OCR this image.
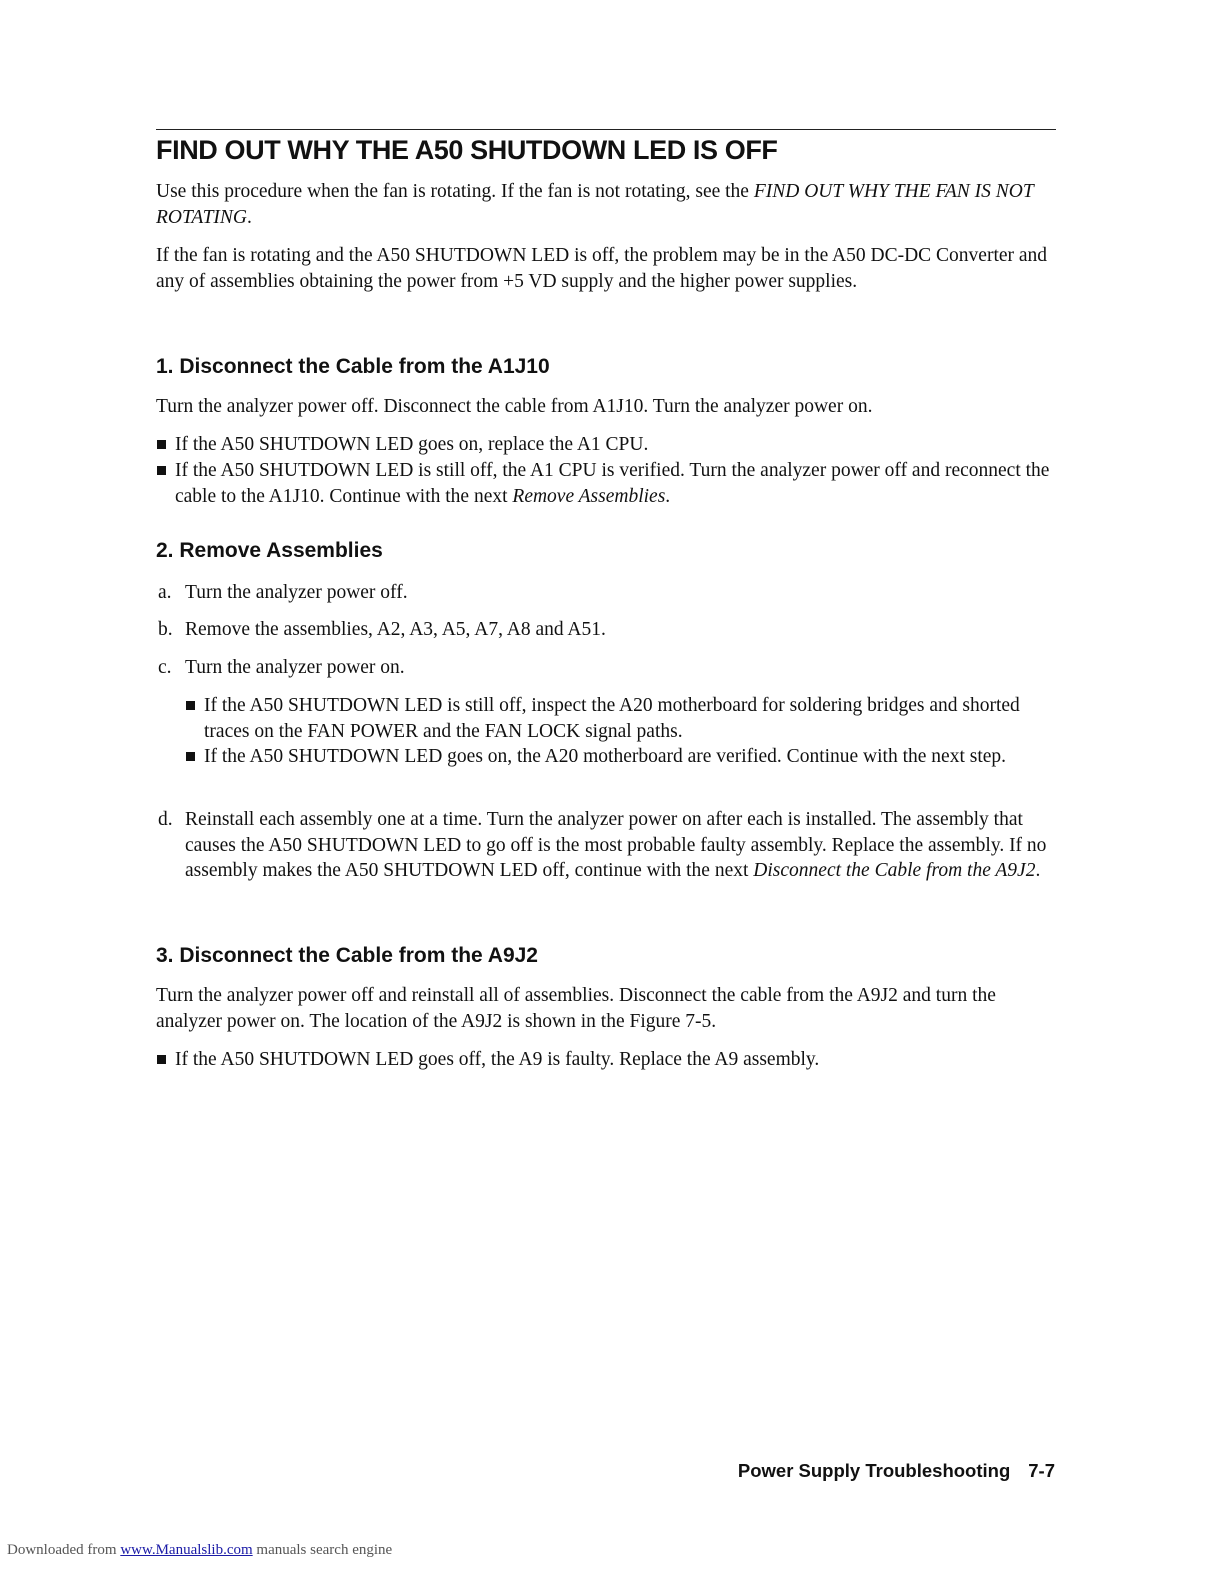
FIND OUT WHY THE A50 SHUTDOWN LED IS OFF

Use this procedure when the fan is rotating. If the fan is not rotating, see the FIND OUT WHY THE FAN IS NOT ROTATING.

If the fan is rotating and the A50 SHUTDOWN LED is off, the problem may be in the A50 DC-DC Converter and any of assemblies obtaining the power from +5 VD supply and the higher power supplies.

1. Disconnect the Cable from the A1J10

Turn the analyzer power off. Disconnect the cable from A1J10. Turn the analyzer power on.

If the A50 SHUTDOWN LED goes on, replace the A1 CPU.

If the A50 SHUTDOWN LED is still off, the A1 CPU is verified. Turn the analyzer power off and reconnect the cable to the A1J10. Continue with the next Remove Assemblies.

2. Remove Assemblies
a. Turn the analyzer power off.

b. Remove the assemblies, A2, A3, A5, A7, A8 and A51.

c. Turn the analyzer power on.

If the A50 SHUTDOWN LED is still off, inspect the A20 motherboard for soldering bridges and shorted traces on the FAN POWER and the FAN LOCK signal paths.

If the A50 SHUTDOWN LED goes on, the A20 motherboard are verified. Continue with the next step.

d. Reinstall each assembly one at a time. Turn the analyzer power on after each is installed. The assembly that causes the A50 SHUTDOWN LED to go off is the most probable faulty assembly. Replace the assembly. If no assembly makes the A50 SHUTDOWN LED off, continue with the next Disconnect the Cable from the A9J2.

3. Disconnect the Cable from the A9J2

Turn the analyzer power off and reinstall all of assemblies. Disconnect the cable from the A9J2 and turn the analyzer power on. The location of the A9J2 is shown in the Figure 7-5.

If the A50 SHUTDOWN LED goes off, the A9 is faulty. Replace the A9 assembly.

Power Supply Troubleshooting 7-7
Downloaded from www.Manualslib.com manuals search engine
